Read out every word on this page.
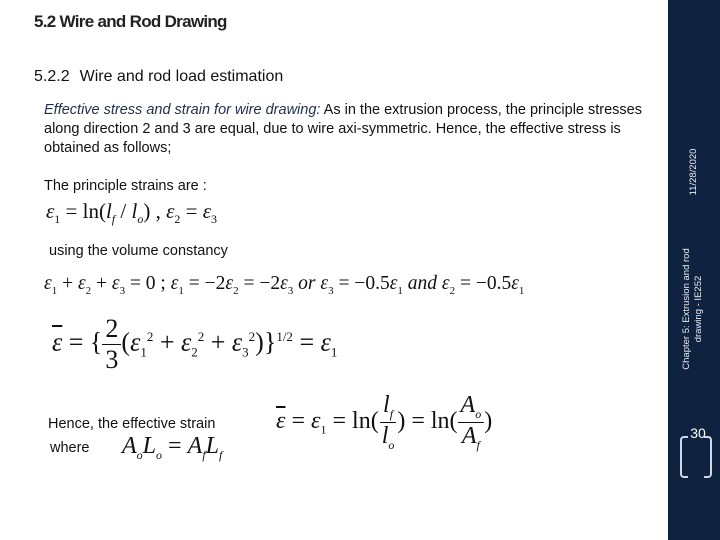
5.2 Wire and Rod Drawing
5.2.2 Wire and rod load estimation
Effective stress and strain for wire drawing: As in the extrusion process, the principle stresses along direction 2 and 3 are equal, due to wire axi-symmetric. Hence, the effective stress is obtained as follows;
The principle strains are :
$\varepsilon_1 = \ln(l_f / l_o)$ , $\varepsilon_2 = \varepsilon_3$
using the volume constancy
$\varepsilon_1 + \varepsilon_2 + \varepsilon_3 = 0$ ; $\varepsilon_1 = -2\varepsilon_2 = -2\varepsilon_3$ or $\varepsilon_3 = -0.5\varepsilon_1$ and $\varepsilon_2 = -0.5\varepsilon_1$
$\overline{\varepsilon}$ = { $\frac{2}{3} (\varepsilon_1^2 + \varepsilon_2^2 + \varepsilon_3^2)\}^{1/2} = \varepsilon_1$
Hence, the effective strain	$\overline{\varepsilon} = \varepsilon_1 = \ln( \frac{l_f}{l_o}$ ) = $\ln( \frac{A_o}{A_f}$ )
where $A_oL_o = A_fL_f$
11/28/2020
Chapter 5: Extrusion and rod
drawing - IE252
30
